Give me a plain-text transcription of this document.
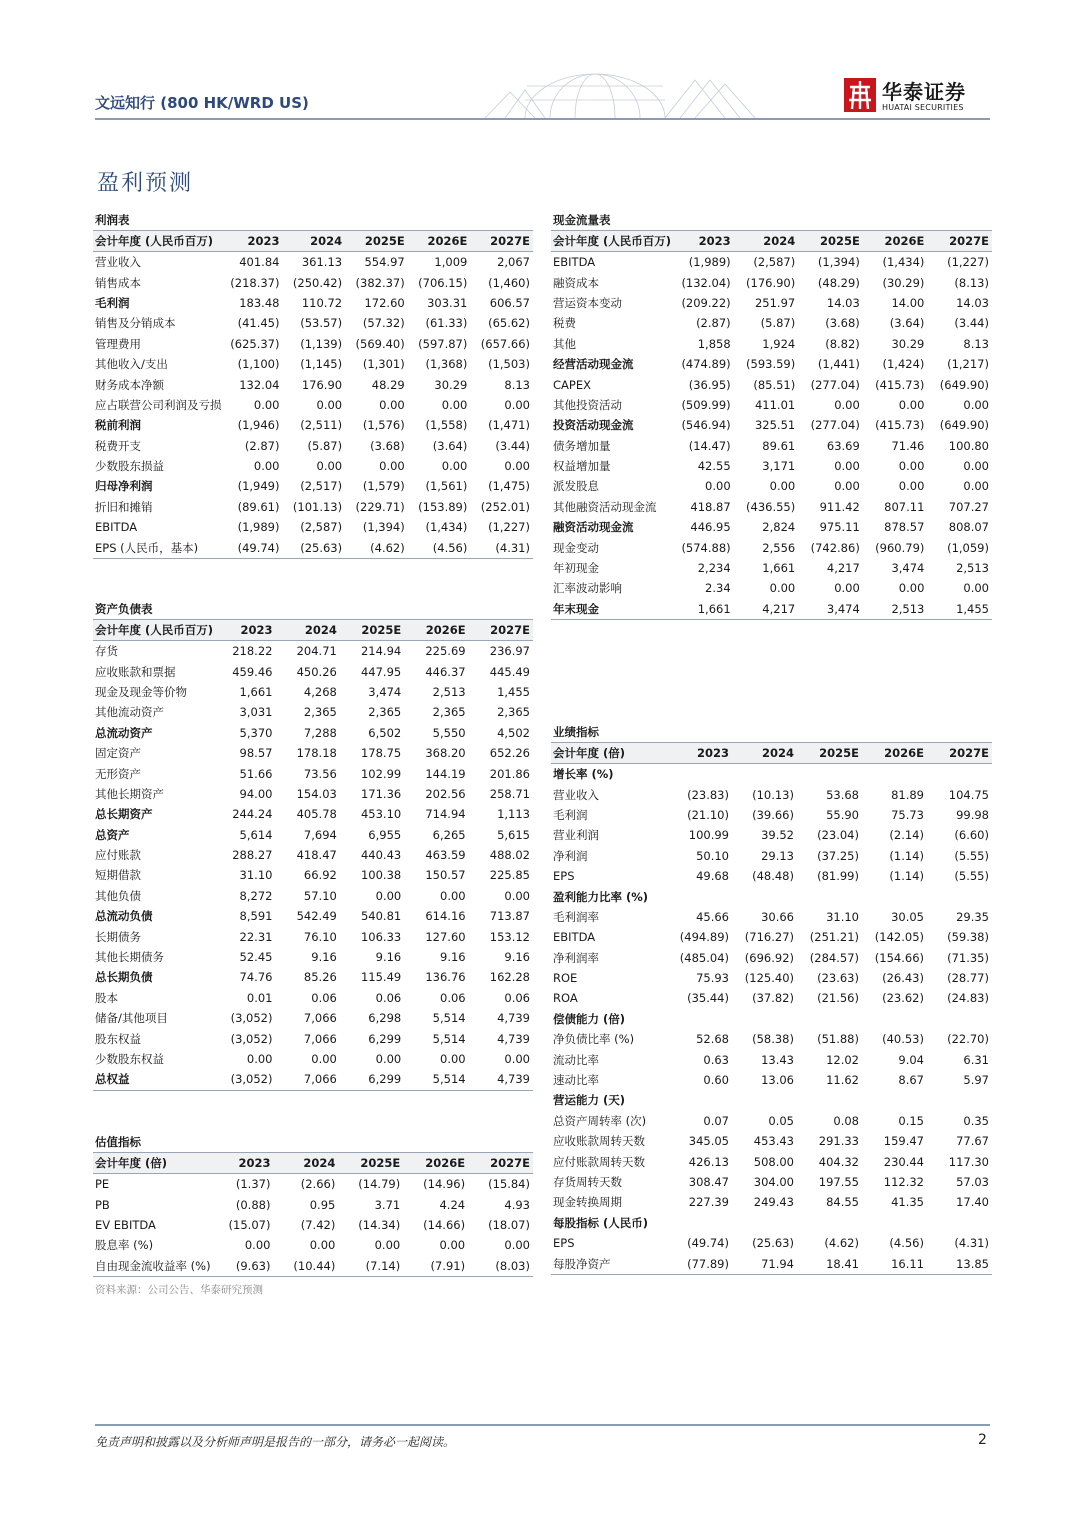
文远知行 (800 HK/WRD US)	华泰证券
HUATAI SECURITIES
盈利预测
利润表					
会计年度 (人民币百万)	2023	2024	2025E	2026E	2027E
营业收入	401.84	361.13	554.97	1,009	2,067
销售成本	(218.37)	(250.42)	(382.37)	(706.15)	(1,460)
毛利润	183.48	110.72	172.60	303.31	606.57
销售及分销成本	(41.45)	(53.57)	(57.32)	(61.33)	(65.62)
管理费用	(625.37)	(1,139)	(569.40)	(597.87)	(657.66)
其他收入/支出	(1,100)	(1,145)	(1,301)	(1,368)	(1,503)
财务成本净额	132.04	176.90	48.29	30.29	8.13
应占联营公司利润及亏损	0.00	0.00	0.00	0.00	0.00
税前利润	(1,946)	(2,511)	(1,576)	(1,558)	(1,471)
税费开支	(2.87)	(5.87)	(3.68)	(3.64)	(3.44)
少数股东损益	0.00	0.00	0.00	0.00	0.00
归母净利润	(1,949)	(2,517)	(1,579)	(1,561)	(1,475)
折旧和摊销	(89.61)	(101.13)	(229.71)	(153.89)	(252.01)
EBITDA	(1,989)	(2,587)	(1,394)	(1,434)	(1,227)
EPS (人民币，基本)	(49.74)	(25.63)	(4.62)	(4.56)	(4.31)
现金流量表					
会计年度 (人民币百万)	2023	2024	2025E	2026E	2027E
EBITDA	(1,989)	(2,587)	(1,394)	(1,434)	(1,227)
融资成本	(132.04)	(176.90)	(48.29)	(30.29)	(8.13)
营运资本变动	(209.22)	251.97	14.03	14.00	14.03
税费	(2.87)	(5.87)	(3.68)	(3.64)	(3.44)
其他	1,858	1,924	(8.82)	30.29	8.13
经营活动现金流	(474.89)	(593.59)	(1,441)	(1,424)	(1,217)
CAPEX	(36.95)	(85.51)	(277.04)	(415.73)	(649.90)
其他投资活动	(509.99)	411.01	0.00	0.00	0.00
投资活动现金流	(546.94)	325.51	(277.04)	(415.73)	(649.90)
债务增加量	(14.47)	89.61	63.69	71.46	100.80
权益增加量	42.55	3,171	0.00	0.00	0.00
派发股息	0.00	0.00	0.00	0.00	0.00
其他融资活动现金流	418.87	(436.55)	911.42	807.11	707.27
融资活动现金流	446.95	2,824	975.11	878.57	808.07
现金变动	(574.88)	2,556	(742.86)	(960.79)	(1,059)
年初现金	2,234	1,661	4,217	3,474	2,513
汇率波动影响	2.34	0.00	0.00	0.00	0.00
年末现金	1,661	4,217	3,474	2,513	1,455
资产负债表					
会计年度 (人民币百万)	2023	2024	2025E	2026E	2027E
存货	218.22	204.71	214.94	225.69	236.97
应收账款和票据	459.46	450.26	447.95	446.37	445.49
现金及现金等价物	1,661	4,268	3,474	2,513	1,455
其他流动资产	3,031	2,365	2,365	2,365	2,365
总流动资产	5,370	7,288	6,502	5,550	4,502
固定资产	98.57	178.18	178.75	368.20	652.26
无形资产	51.66	73.56	102.99	144.19	201.86
其他长期资产	94.00	154.03	171.36	202.56	258.71
总长期资产	244.24	405.78	453.10	714.94	1,113
总资产	5,614	7,694	6,955	6,265	5,615
应付账款	288.27	418.47	440.43	463.59	488.02
短期借款	31.10	66.92	100.38	150.57	225.85
其他负债	8,272	57.10	0.00	0.00	0.00
总流动负债	8,591	542.49	540.81	614.16	713.87
长期债务	22.31	76.10	106.33	127.60	153.12
其他长期债务	52.45	9.16	9.16	9.16	9.16
总长期负债	74.76	85.26	115.49	136.76	162.28
股本	0.01	0.06	0.06	0.06	0.06
储备/其他项目	(3,052)	7,066	6,298	5,514	4,739
股东权益	(3,052)	7,066	6,299	5,514	4,739
少数股东权益	0.00	0.00	0.00	0.00	0.00
总权益	(3,052)	7,066	6,299	5,514	4,739
业绩指标					
会计年度 (倍)	2023	2024	2025E	2026E	2027E
增长率 (%)					
营业收入	(23.83)	(10.13)	53.68	81.89	104.75
毛利润	(21.10)	(39.66)	55.90	75.73	99.98
营业利润	100.99	39.52	(23.04)	(2.14)	(6.60)
净利润	50.10	29.13	(37.25)	(1.14)	(5.55)
EPS	49.68	(48.48)	(81.99)	(1.14)	(5.55)
盈利能力比率 (%)					
毛利润率	45.66	30.66	31.10	30.05	29.35
EBITDA	(494.89)	(716.27)	(251.21)	(142.05)	(59.38)
净利润率	(485.04)	(696.92)	(284.57)	(154.66)	(71.35)
ROE	75.93	(125.40)	(23.63)	(26.43)	(28.77)
ROA	(35.44)	(37.82)	(21.56)	(23.62)	(24.83)
偿债能力 (倍)					
净负债比率 (%)	52.68	(58.38)	(51.88)	(40.53)	(22.70)
流动比率	0.63	13.43	12.02	9.04	6.31
速动比率	0.60	13.06	11.62	8.67	5.97
营运能力 (天)					
总资产周转率 (次)	0.07	0.05	0.08	0.15	0.35
应收账款周转天数	345.05	453.43	291.33	159.47	77.67
应付账款周转天数	426.13	508.00	404.32	230.44	117.30
存货周转天数	308.47	304.00	197.55	112.32	57.03
现金转换周期	227.39	249.43	84.55	41.35	17.40
每股指标 (人民币)					
EPS	(49.74)	(25.63)	(4.62)	(4.56)	(4.31)
每股净资产	(77.89)	71.94	18.41	16.11	13.85
估值指标					
会计年度 (倍)	2023	2024	2025E	2026E	2027E
PE	(1.37)	(2.66)	(14.79)	(14.96)	(15.84)
PB	(0.88)	0.95	3.71	4.24	4.93
EV EBITDA	(15.07)	(7.42)	(14.34)	(14.66)	(18.07)
股息率 (%)	0.00	0.00	0.00	0.00	0.00
自由现金流收益率 (%)	(9.63)	(10.44)	(7.14)	(7.91)	(8.03)
资料来源：公司公告、华泰研究预测
免责声明和披露以及分析师声明是报告的一部分，请务必一起阅读。	2
